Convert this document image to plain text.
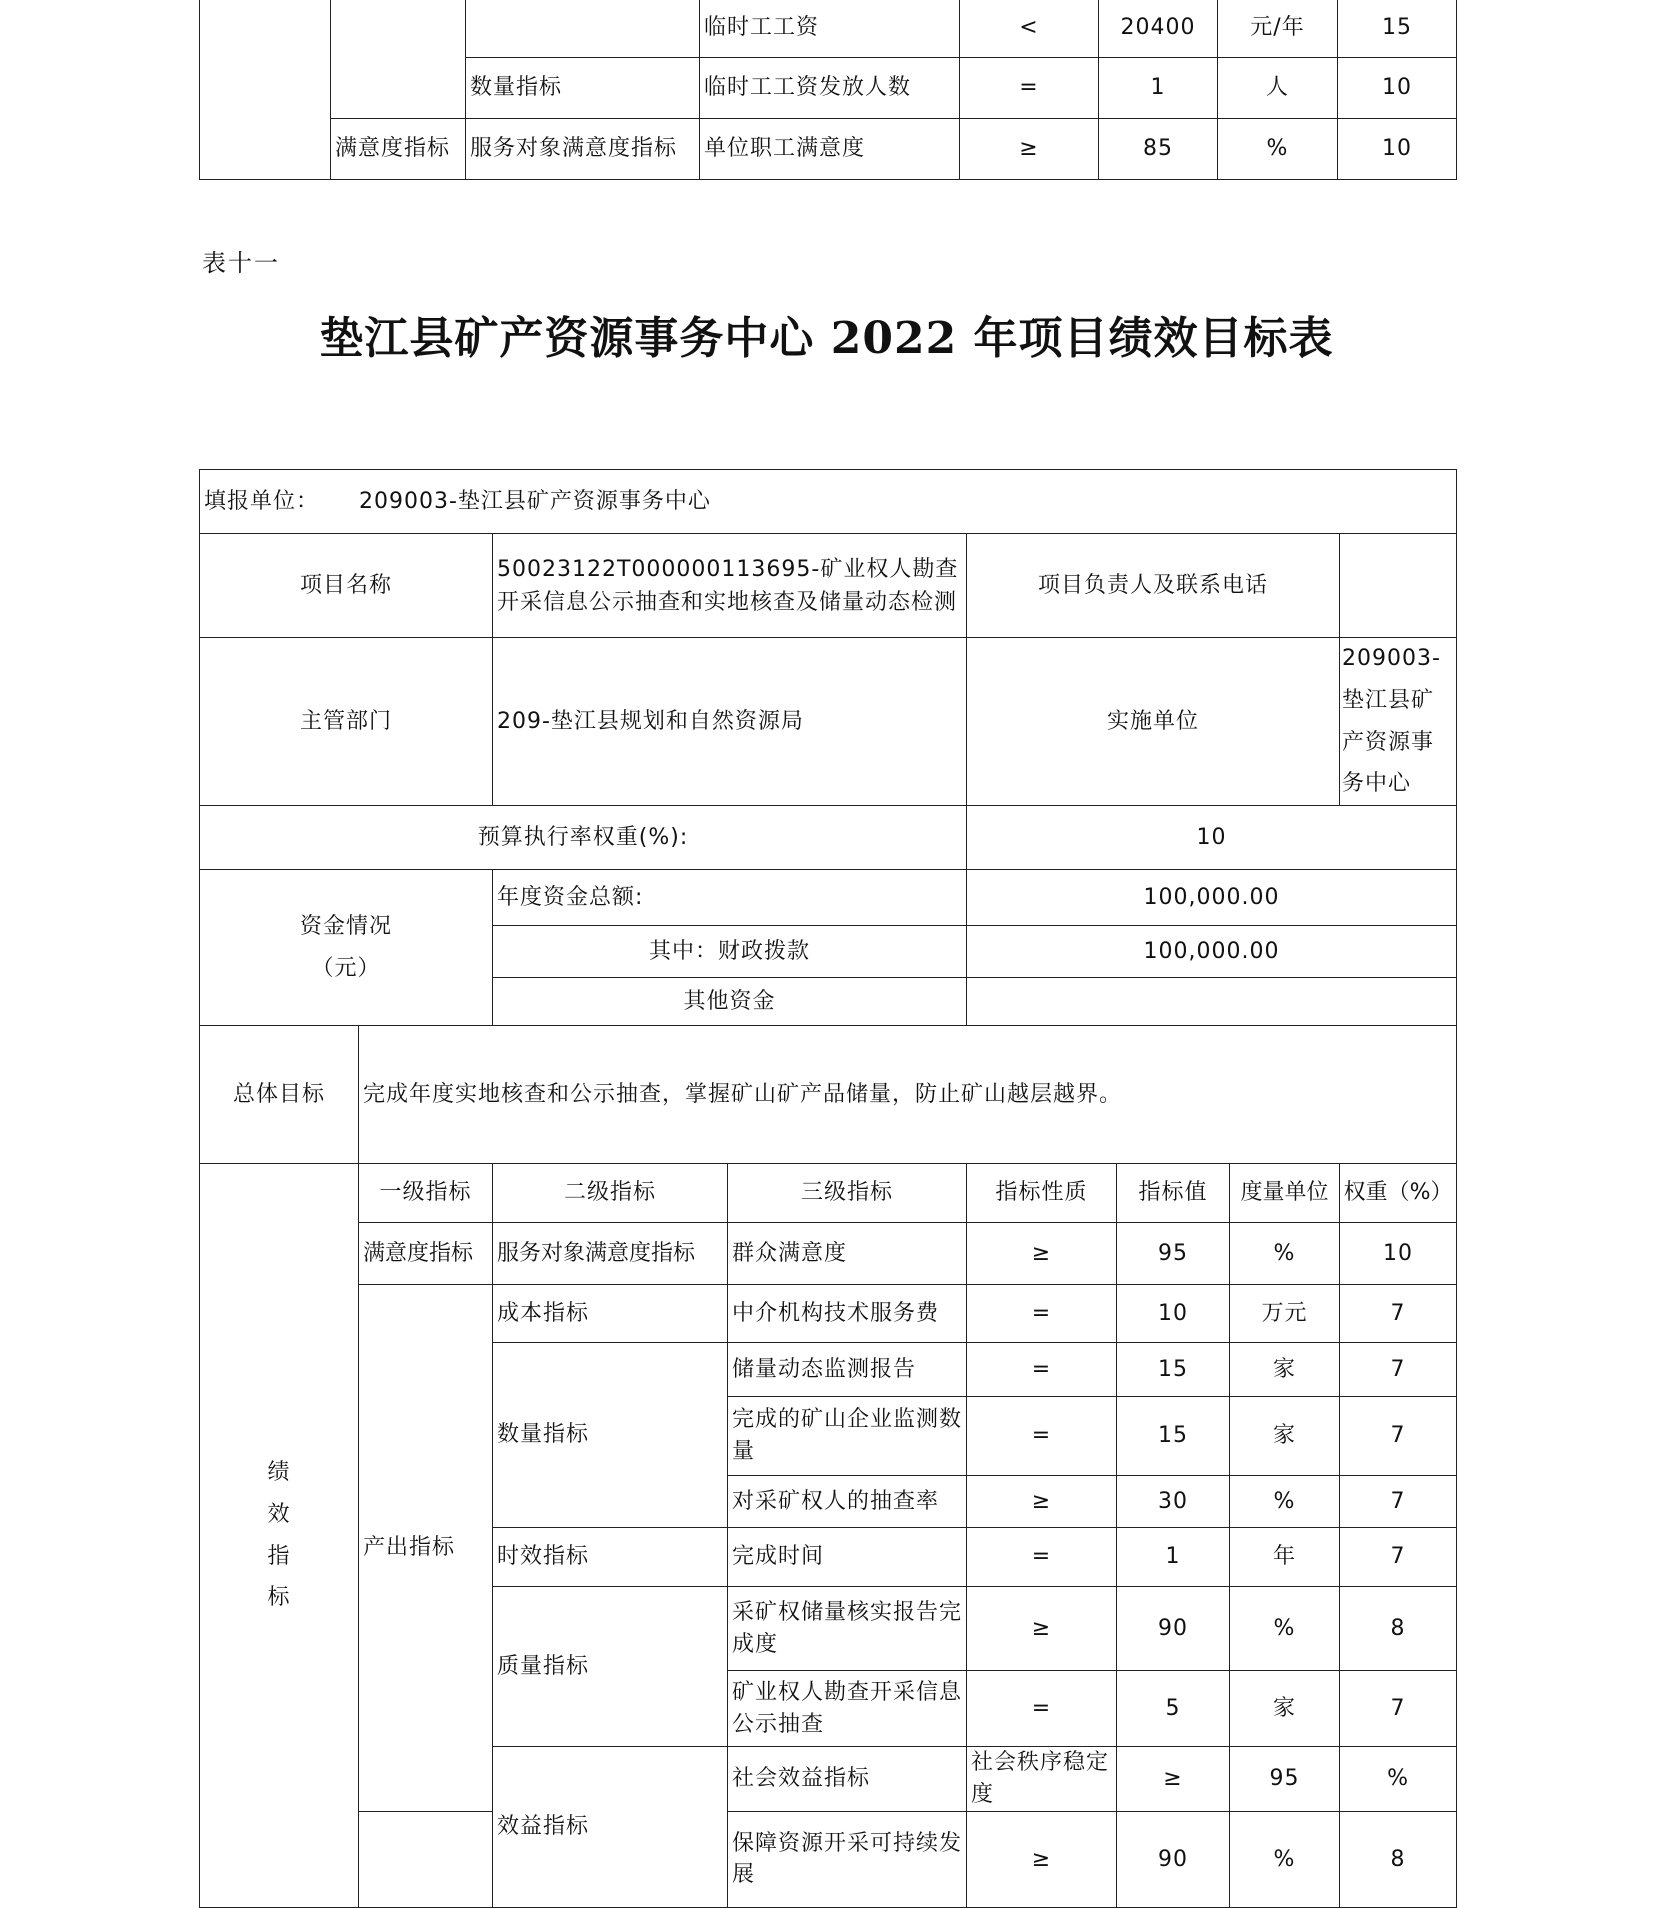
			临时工工资	<	20400	元/年	15
		数量指标	临时工工资发放人数	=	1	人	10
	满意度指标	服务对象满意度指标	单位职工满意度	≥	85	%	10
表十一
垫江县矿产资源事务中心 2022 年项目绩效目标表
填报单位： 209003-垫江县矿产资源事务中心								
项目名称		50023122T000000113695-矿业权人勘查开采信息公示抽查和实地核查及储量动态检测		项目负责人及联系电话				
主管部门		209-垫江县规划和自然资源局		实施单位			209003-垫江县矿产资源事务中心	
预算执行率权重(%):				10				
资金情况
（元）		年度资金总额:		100,000.00				
		其中：财政拨款		100,000.00				
		其他资金						
总体目标	完成年度实地核查和公示抽查，掌握矿山矿产品储量，防止矿山越层越界。							

绩
效
指
标	一级指标	二级指标	三级指标	指标性质	指标值	度量单位	权重（%）	
	满意度指标	服务对象满意度指标	群众满意度	≥	95	%	10	
	产出指标	成本指标	中介机构技术服务费	=	10	万元	7	
		数量指标	储量动态监测报告	=	15	家	7	
			完成的矿山企业监测数量	=	15	家	7	
			对采矿权人的抽查率	≥	30	%	7	
		时效指标	完成时间	=	1	年	7	
		质量指标	采矿权储量核实报告完成度	≥	90	%	8	
			矿业权人勘查开采信息公示抽查	=	5	家	7	
		效益指标	社会效益指标	社会秩序稳定度	≥	95	%	
			保障资源开采可持续发展	≥	90	%	8	
